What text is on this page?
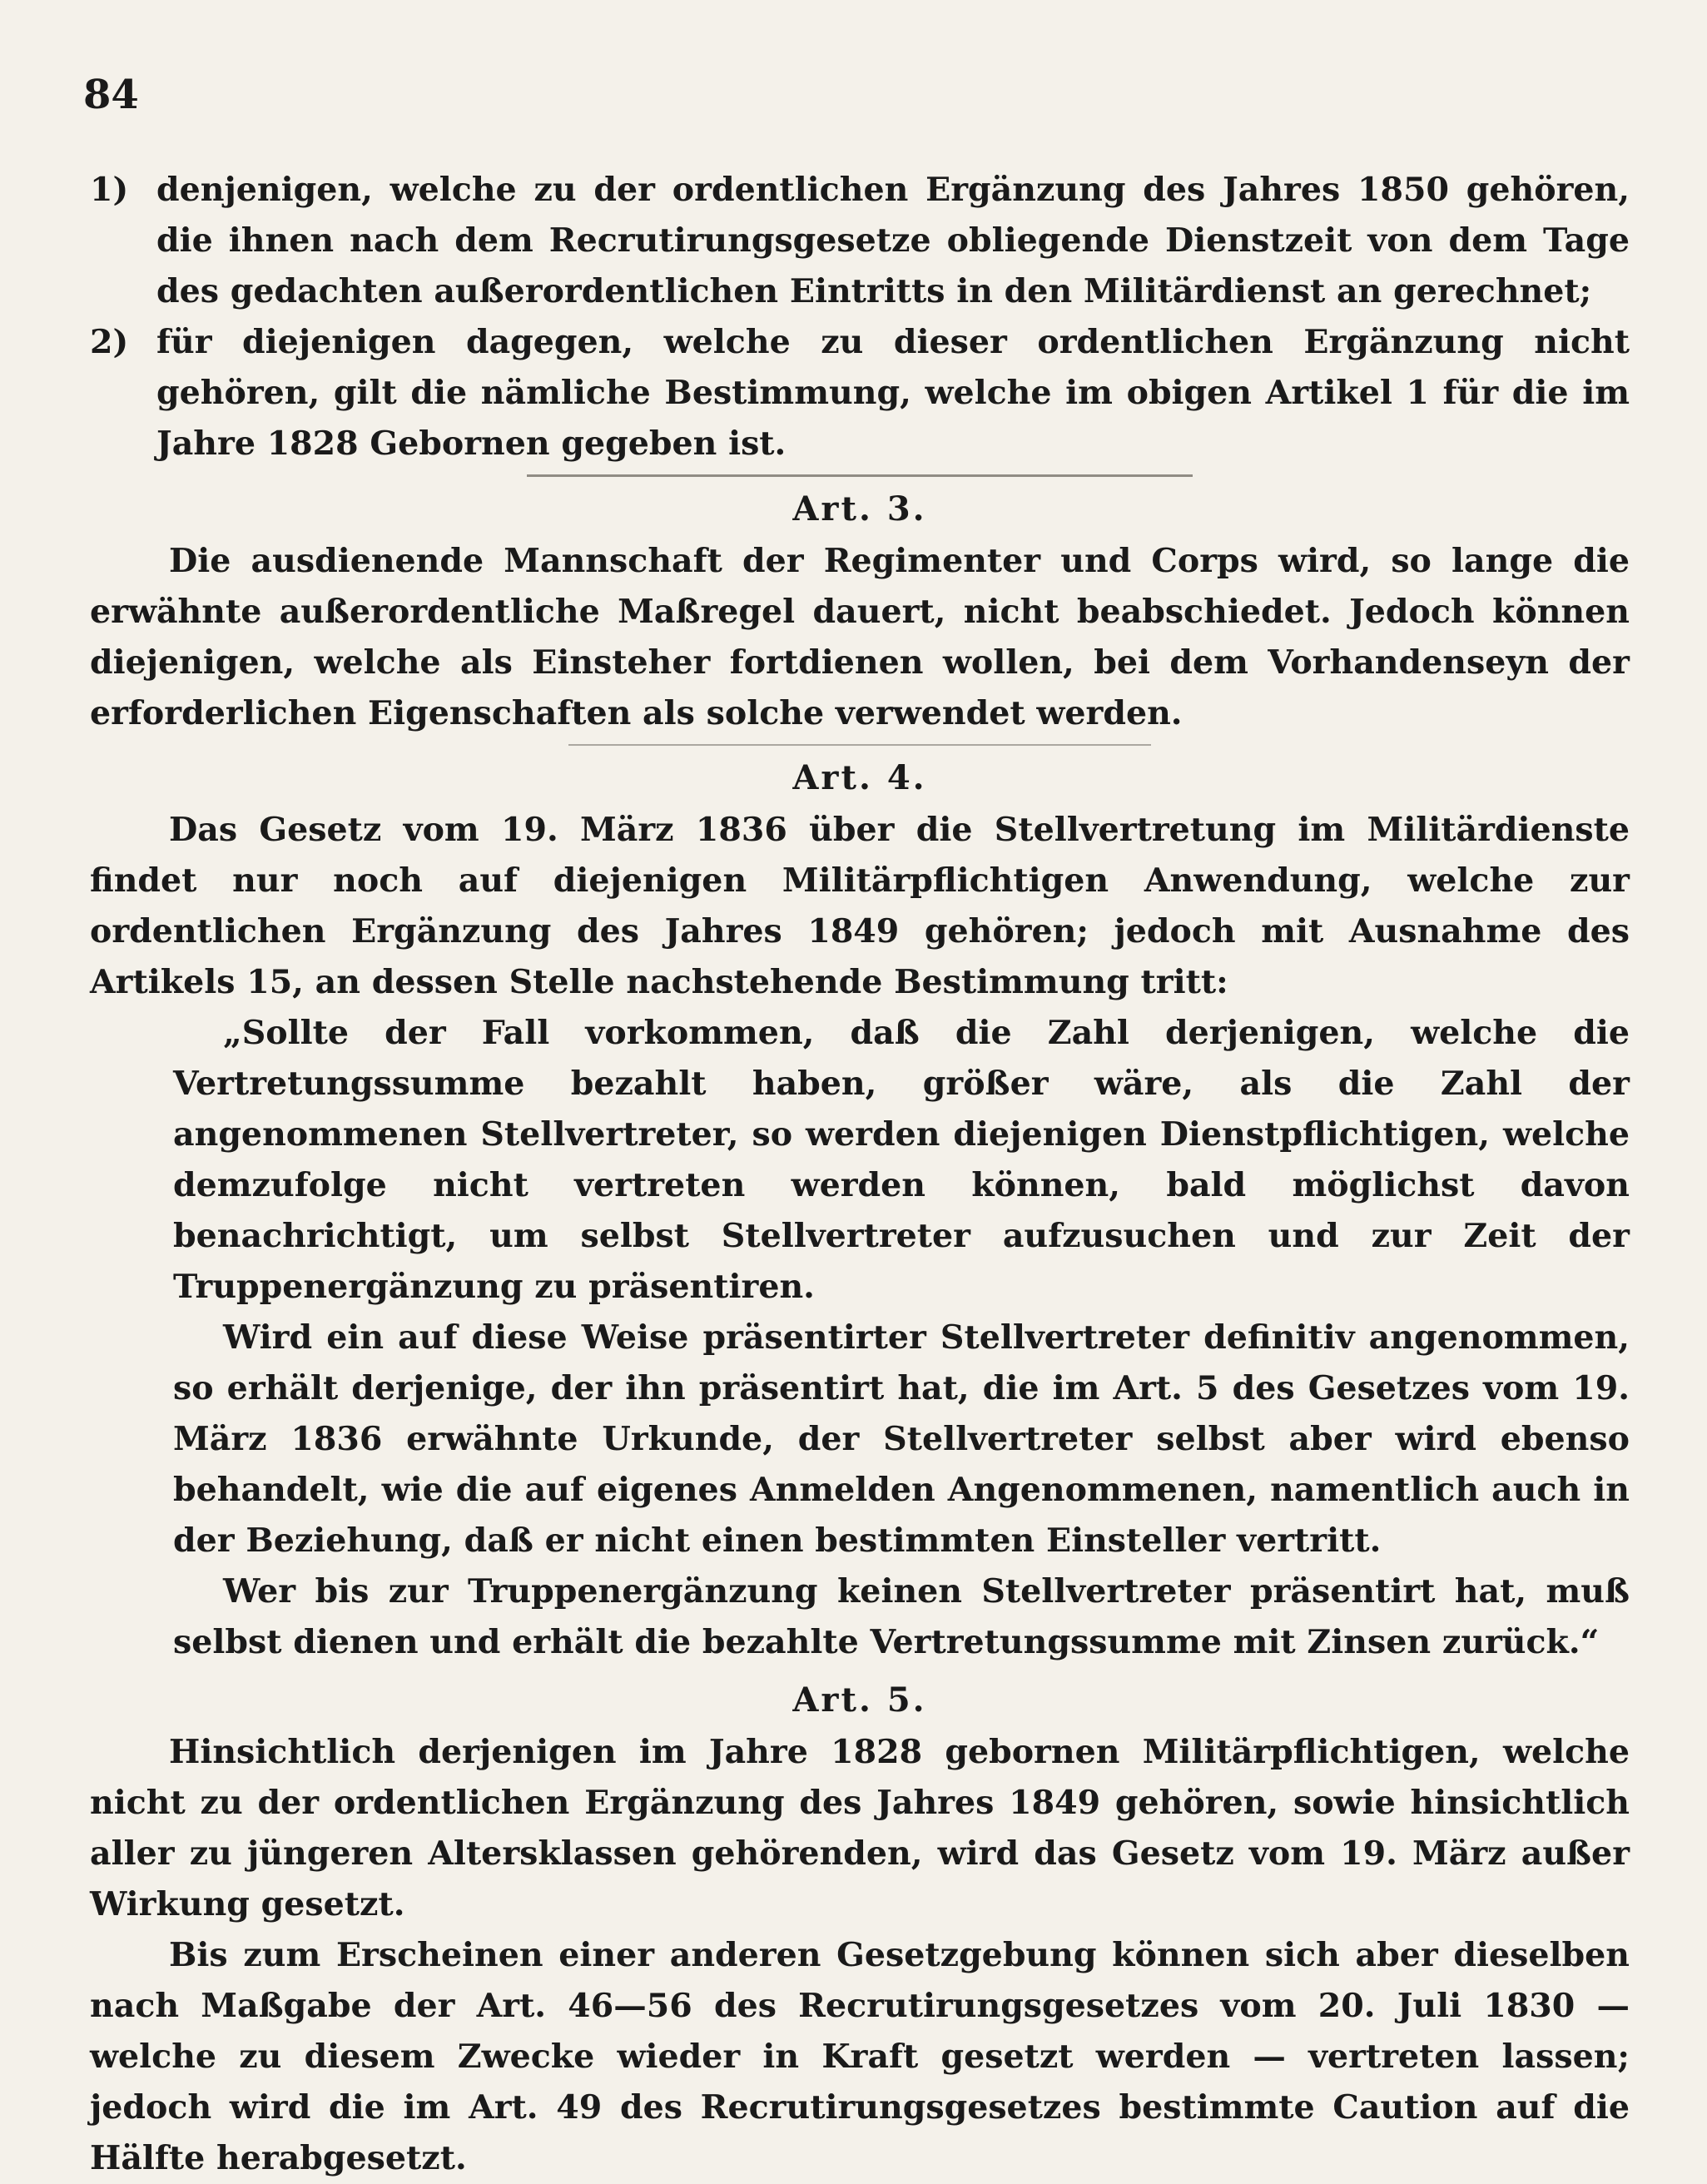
84
1) denjenigen, welche zu der ordentlichen Ergänzung des Jahres 1850 gehören, die ihnen nach dem Recrutirungsgesetze obliegende Dienstzeit von dem Tage des gedachten außerordentlichen Eintritts in den Militärdienst an gerechnet;
2) für diejenigen dagegen, welche zu dieser ordentlichen Ergänzung nicht gehören, gilt die nämliche Bestimmung, welche im obigen Artikel 1 für die im Jahre 1828 Gebornen gegeben ist.
Art. 3.

Die ausdienende Mannschaft der Regimenter und Corps wird, so lange die erwähnte außerordentliche Maßregel dauert, nicht beabschiedet. Jedoch können diejenigen, welche als Einsteher fortdienen wollen, bei dem Vorhandenseyn der erforderlichen Eigenschaften als solche verwendet werden.

Art. 4.

Das Gesetz vom 19. März 1836 über die Stellvertretung im Militärdienste findet nur noch auf diejenigen Militärpflichtigen Anwendung, welche zur ordentlichen Ergänzung des Jahres 1849 gehören; jedoch mit Ausnahme des Artikels 15, an dessen Stelle nachstehende Bestimmung tritt:

„Sollte der Fall vorkommen, daß die Zahl derjenigen, welche die Vertretungssumme bezahlt haben, größer wäre, als die Zahl der angenommenen Stellvertreter, so werden diejenigen Dienstpflichtigen, welche demzufolge nicht vertreten werden können, bald möglichst davon benachrichtigt, um selbst Stellvertreter aufzusuchen und zur Zeit der Truppenergänzung zu präsentiren.

Wird ein auf diese Weise präsentirter Stellvertreter definitiv angenommen, so erhält derjenige, der ihn präsentirt hat, die im Art. 5 des Gesetzes vom 19. März 1836 erwähnte Urkunde, der Stellvertreter selbst aber wird ebenso behandelt, wie die auf eigenes Anmelden Angenommenen, namentlich auch in der Beziehung, daß er nicht einen bestimmten Einsteller vertritt.

Wer bis zur Truppenergänzung keinen Stellvertreter präsentirt hat, muß selbst dienen und erhält die bezahlte Vertretungssumme mit Zinsen zurück.“

Art. 5.

Hinsichtlich derjenigen im Jahre 1828 gebornen Militärpflichtigen, welche nicht zu der ordentlichen Ergänzung des Jahres 1849 gehören, sowie hinsichtlich aller zu jüngeren Altersklassen gehörenden, wird das Gesetz vom 19. März außer Wirkung gesetzt.

Bis zum Erscheinen einer anderen Gesetzgebung können sich aber dieselben nach Maßgabe der Art. 46—56 des Recrutirungsgesetzes vom 20. Juli 1830 — welche zu diesem Zwecke wieder in Kraft gesetzt werden — vertreten lassen; jedoch wird die im Art. 49 des Recrutirungsgesetzes bestimmte Caution auf die Hälfte herabgesetzt.
